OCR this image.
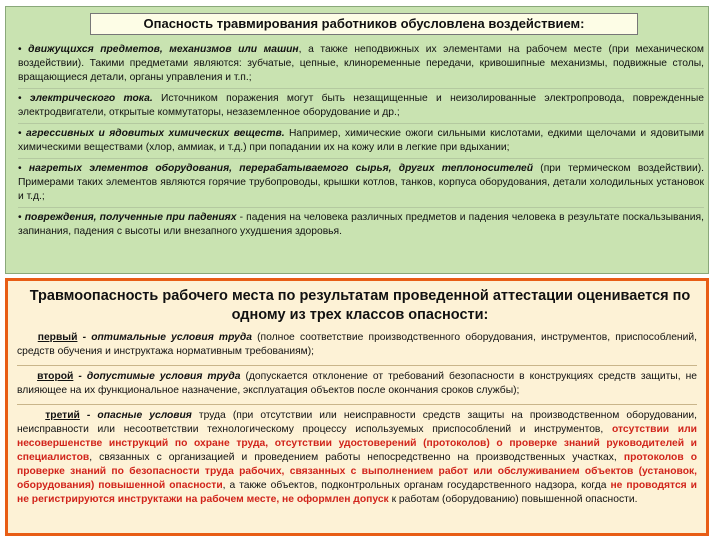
Опасность травмирования работников обусловлена воздействием:
• движущихся предметов, механизмов или машин, а также неподвижных их элементами на рабочем месте (при механическом воздействии). Такими предметами являются: зубчатые, цепные, клиноременные передачи, кривошипные механизмы, подвижные столы, вращающиеся детали, органы управления и т.п.;
• электрического тока. Источником поражения могут быть незащищенные и неизолированные электропровода, поврежденные электродвигатели, открытые коммутаторы, незаземленное оборудование и др.;
• агрессивных и ядовитых химических веществ. Например, химические ожоги сильными кислотами, едкими щелочами и ядовитыми химическими веществами (хлор, аммиак, и т.д.) при попадании их на кожу или в легкие при вдыхании;
• нагретых элементов оборудования, перерабатываемого сырья, других теплоносителей (при термическом воздействии). Примерами таких элементов являются горячие трубопроводы, крышки котлов, танков, корпуса оборудования, детали холодильных установок и т.д.;
• повреждения, полученные при падениях - падения на человека различных предметов и падения человека в результате поскальзывания, запинания, падения с высоты или внезапного ухудшения здоровья.
Травмоопасность рабочего места по результатам проведенной аттестации оценивается по одному из трех классов опасности:
первый - оптимальные условия труда (полное соответствие производственного оборудования, инструментов, приспособлений, средств обучения и инструктажа нормативным требованиям);
второй - допустимые условия труда (допускается отклонение от требований безопасности в конструкциях средств защиты, не влияющее на их функциональное назначение, эксплуатация объектов после окончания сроков службы);
третий - опасные условия труда (при отсутствии или неисправности средств защиты на производственном оборудовании, неисправности или несоответствии технологическому процессу используемых приспособлений и инструментов, отсутствии или несовершенстве инструкций по охране труда, отсутствии удостоверений (протоколов) о проверке знаний руководителей и специалистов, связанных с организацией и проведением работы непосредственно на производственных участках, протоколов о проверке знаний по безопасности труда рабочих, связанных с выполнением работ или обслуживанием объектов (установок, оборудования) повышенной опасности, а также объектов, подконтрольных органам государственного надзора, когда не проводятся и не регистрируются инструктажи на рабочем месте, не оформлен допуск к работам (оборудованию) повышенной опасности.
